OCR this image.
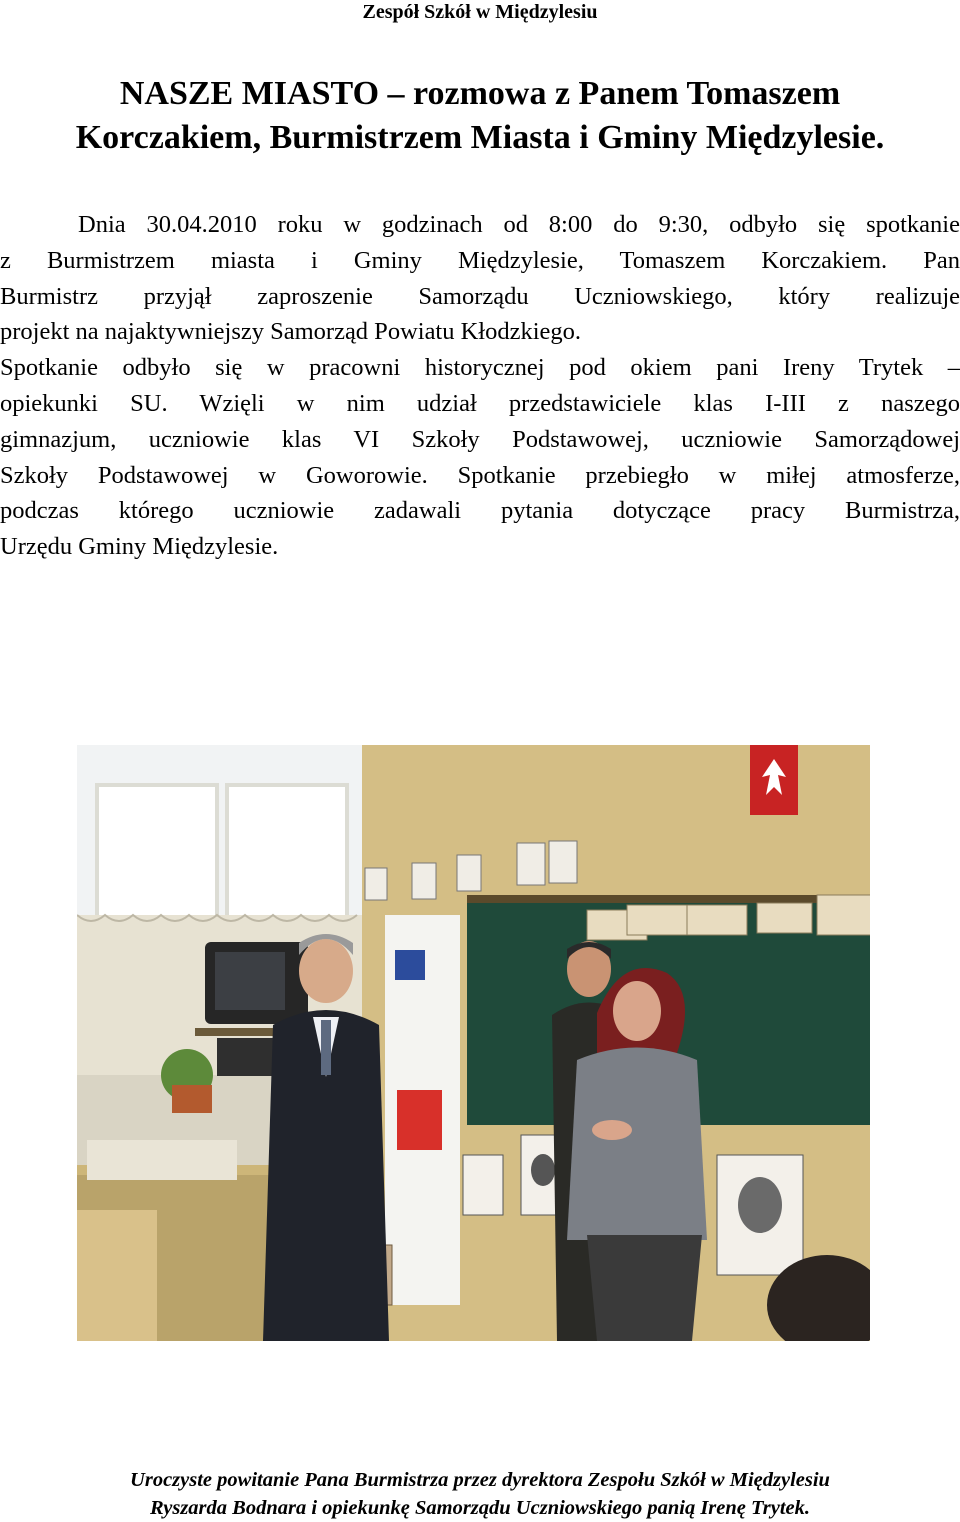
Zespół Szkół w Międzylesiu
NASZE MIASTO – rozmowa z Panem Tomaszem
Korczakiem, Burmistrzem Miasta i Gminy Międzylesie.
Dnia 30.04.2010 roku w godzinach od 8:00 do 9:30, odbyło się spotkanie
z Burmistrzem miasta i Gminy Międzylesie, Tomaszem Korczakiem. Pan
Burmistrz przyjął zaproszenie Samorządu Uczniowskiego, który realizuje
projekt na najaktywniejszy Samorząd Powiatu Kłodzkiego.
Spotkanie odbyło się w pracowni historycznej pod okiem pani Ireny Trytek –
opiekunki SU. Wzięli w nim udział przedstawiciele klas I-III z naszego
gimnazjum, uczniowie klas VI Szkoły Podstawowej, uczniowie Samorządowej
Szkoły Podstawowej w Goworowie. Spotkanie przebiegło w miłej atmosferze,
podczas którego uczniowie zadawali pytania dotyczące pracy Burmistrza,
Urzędu Gminy Międzylesie.
Uroczyste powitanie Pana Burmistrza przez dyrektora Zespołu Szkół w Międzylesiu
Ryszarda Bodnara i opiekunkę Samorządu Uczniowskiego panią Irenę Trytek.
